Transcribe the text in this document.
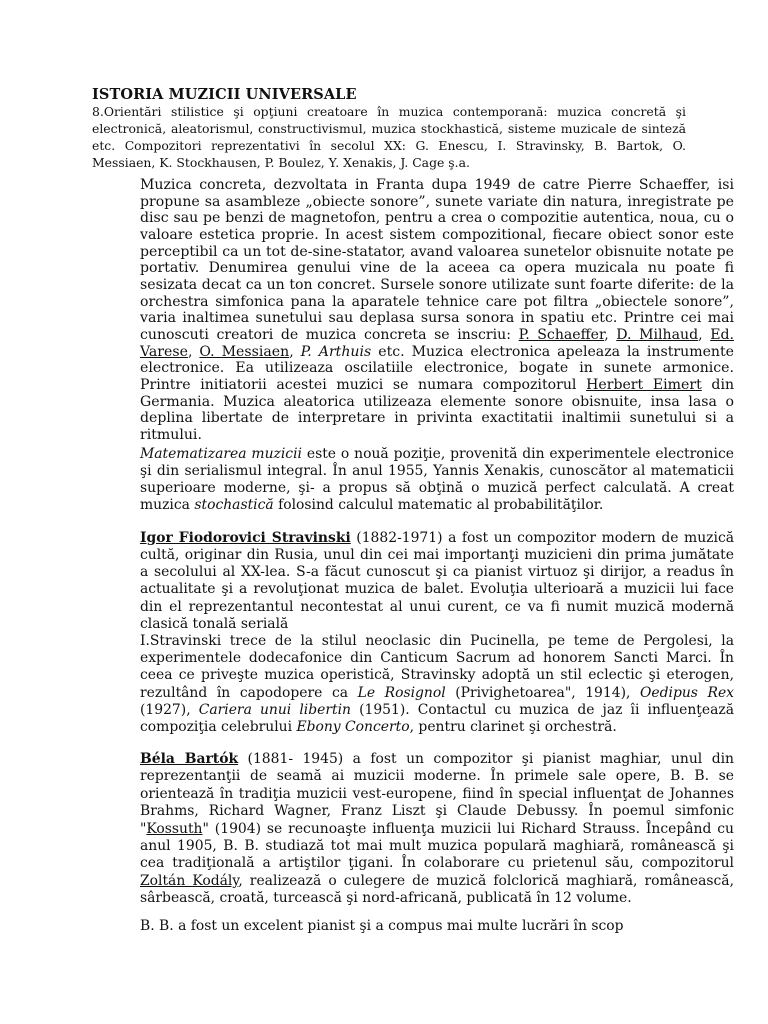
ISTORIA MUZICII UNIVERSALE
8.Orientări stilistice şi opţiuni creatoare în muzica contemporană: muzica concretă şi electronică, aleatorismul, constructivismul, muzica stockhastică, sisteme muzicale de sinteză etc. Compozitori reprezentativi în secolul XX: G. Enescu, I. Stravinsky, B. Bartok, O. Messiaen, K. Stockhausen, P. Boulez, Y. Xenakis, J. Cage ş.a.
Muzica concreta, dezvoltata in Franta dupa 1949 de catre Pierre Schaeffer, isi propune sa asambleze „obiecte sonore”, sunete variate din natura, inregistrate pe disc sau pe benzi de magnetofon, pentru a crea o compozitie autentica, noua, cu o valoare estetica proprie. In acest sistem compozitional, fiecare obiect sonor este perceptibil ca un tot de-sine-statator, avand valoarea sunetelor obisnuite notate pe portativ. Denumirea genului vine de la aceea ca opera muzicala nu poate fi sesizata decat ca un ton concret. Sursele sonore utilizate sunt foarte diferite: de la orchestra simfonica pana la aparatele tehnice care pot filtra „obiectele sonore”, varia inaltimea sunetului sau deplasa sursa sonora in spatiu etc. Printre cei mai cunoscuti creatori de muzica concreta se inscriu: P. Schaeffer, D. Milhaud, Ed. Varese, O. Messiaen, P. Arthuis etc. Muzica electronica apeleaza la instrumente electronice. Ea utilizeaza oscilatiile electronice, bogate in sunete armonice. Printre initiatorii acestei muzici se numara compozitorul Herbert Eimert din Germania. Muzica aleatorica utilizeaza elemente sonore obisnuite, insa lasa o deplina libertate de interpretare in privinta exactitatii inaltimii sunetului si a ritmului.
Matematizarea muzicii este o nouă poziţie, provenită din experimentele electronice şi din serialismul integral. În anul 1955, Yannis Xenakis, cunoscător al matematicii superioare moderne, şi- a propus să obţină o muzică perfect calculată. A creat muzica stochastică folosind calculul matematic al probabilităţilor.
Igor Fiodorovici Stravinski (1882-1971) a fost un compozitor modern de muzică cultă, originar din Rusia, unul din cei mai importanţi muzicieni din prima jumătate a secolului al XX-lea. S-a făcut cunoscut şi ca pianist virtuoz şi dirijor, a readus în actualitate şi a revoluţionat muzica de balet. Evoluţia ulterioară a muzicii lui face din el reprezentantul necontestat al unui curent, ce va fi numit muzică modernă clasică tonală serială
I.Stravinski trece de la stilul neoclasic din Pucinella, pe teme de Pergolesi, la experimentele dodecafonice din Canticum Sacrum ad honorem Sancti Marci. În ceea ce priveşte muzica operistică, Stravinsky adoptă un stil eclectic şi eterogen, rezultând în capodopere ca Le Rosignol (Privighetoarea", 1914), Oedipus Rex (1927), Cariera unui libertin (1951). Contactul cu muzica de jaz îi influenţează compoziţia celebrului Ebony Concerto, pentru clarinet şi orchestră.
Béla Bartók (1881- 1945) a fost un compozitor şi pianist maghiar, unul din reprezentanţii de seamă ai muzicii moderne. În primele sale opere, B. B. se orientează în tradiţia muzicii vest-europene, fiind în special influenţat de Johannes Brahms, Richard Wagner, Franz Liszt şi Claude Debussy. În poemul simfonic "Kossuth" (1904) se recunoaşte influenţa muzicii lui Richard Strauss. Începând cu anul 1905, B. B. studiază tot mai mult muzica populară maghiară, românească şi cea tradiţională a artiştilor ţigani. În colaborare cu prietenul său, compozitorul Zoltán Kodály, realizează o culegere de muzică folclorică maghiară, românească, sârbească, croată, turcească şi nord-africană, publicată în 12 volume.
B. B. a fost un excelent pianist şi a compus mai multe lucrări în scop
